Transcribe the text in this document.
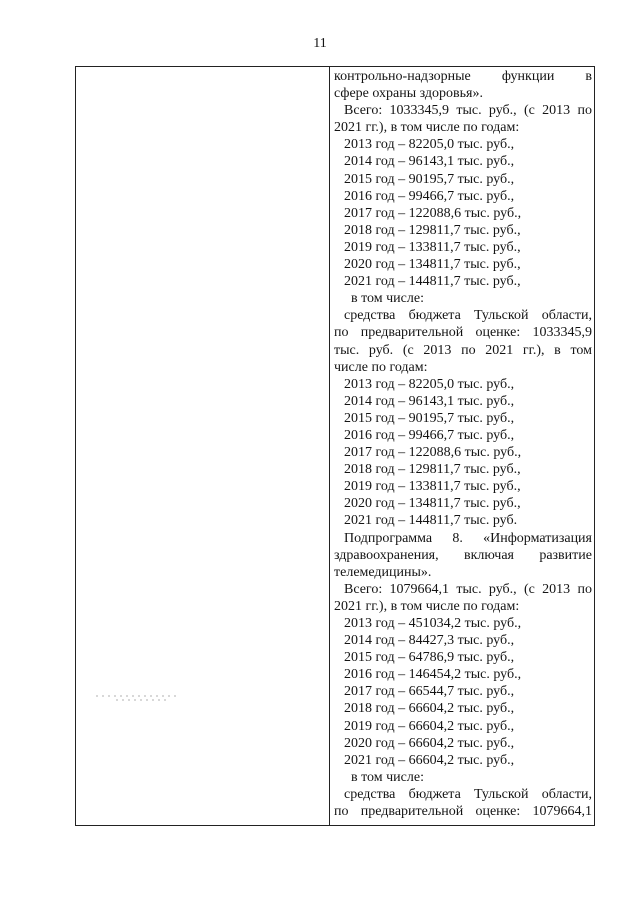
11
контрольно-надзорные функции в
сфере охраны здоровья».
Всего: 1033345,9 тыс. руб., (с 2013 по
2021 гг.), в том числе по годам:
2013 год – 82205,0 тыс. руб.,
2014 год – 96143,1 тыс. руб.,
2015 год – 90195,7 тыс. руб.,
2016 год – 99466,7 тыс. руб.,
2017 год – 122088,6 тыс. руб.,
2018 год – 129811,7 тыс. руб.,
2019 год – 133811,7 тыс. руб.,
2020 год – 134811,7 тыс. руб.,
2021 год – 144811,7 тыс. руб.,
в том числе:
средства бюджета Тульской области,
по предварительной оценке: 1033345,9
тыс. руб. (с 2013 по 2021 гг.), в том
числе по годам:
2013 год – 82205,0 тыс. руб.,
2014 год – 96143,1 тыс. руб.,
2015 год – 90195,7 тыс. руб.,
2016 год – 99466,7 тыс. руб.,
2017 год – 122088,6 тыс. руб.,
2018 год – 129811,7 тыс. руб.,
2019 год – 133811,7 тыс. руб.,
2020 год – 134811,7 тыс. руб.,
2021 год – 144811,7 тыс. руб.
Подпрограмма 8. «Информатизация
здравоохранения, включая развитие
телемедицины».
Всего: 1079664,1 тыс. руб., (с 2013 по
2021 гг.), в том числе по годам:
2013 год – 451034,2 тыс. руб.,
2014 год – 84427,3 тыс. руб.,
2015 год – 64786,9 тыс. руб.,
2016 год – 146454,2 тыс. руб.,
2017 год – 66544,7 тыс. руб.,
2018 год – 66604,2 тыс. руб.,
2019 год – 66604,2 тыс. руб.,
2020 год – 66604,2 тыс. руб.,
2021 год – 66604,2 тыс. руб.,
в том числе:
средства бюджета Тульской области,
по предварительной оценке: 1079664,1
